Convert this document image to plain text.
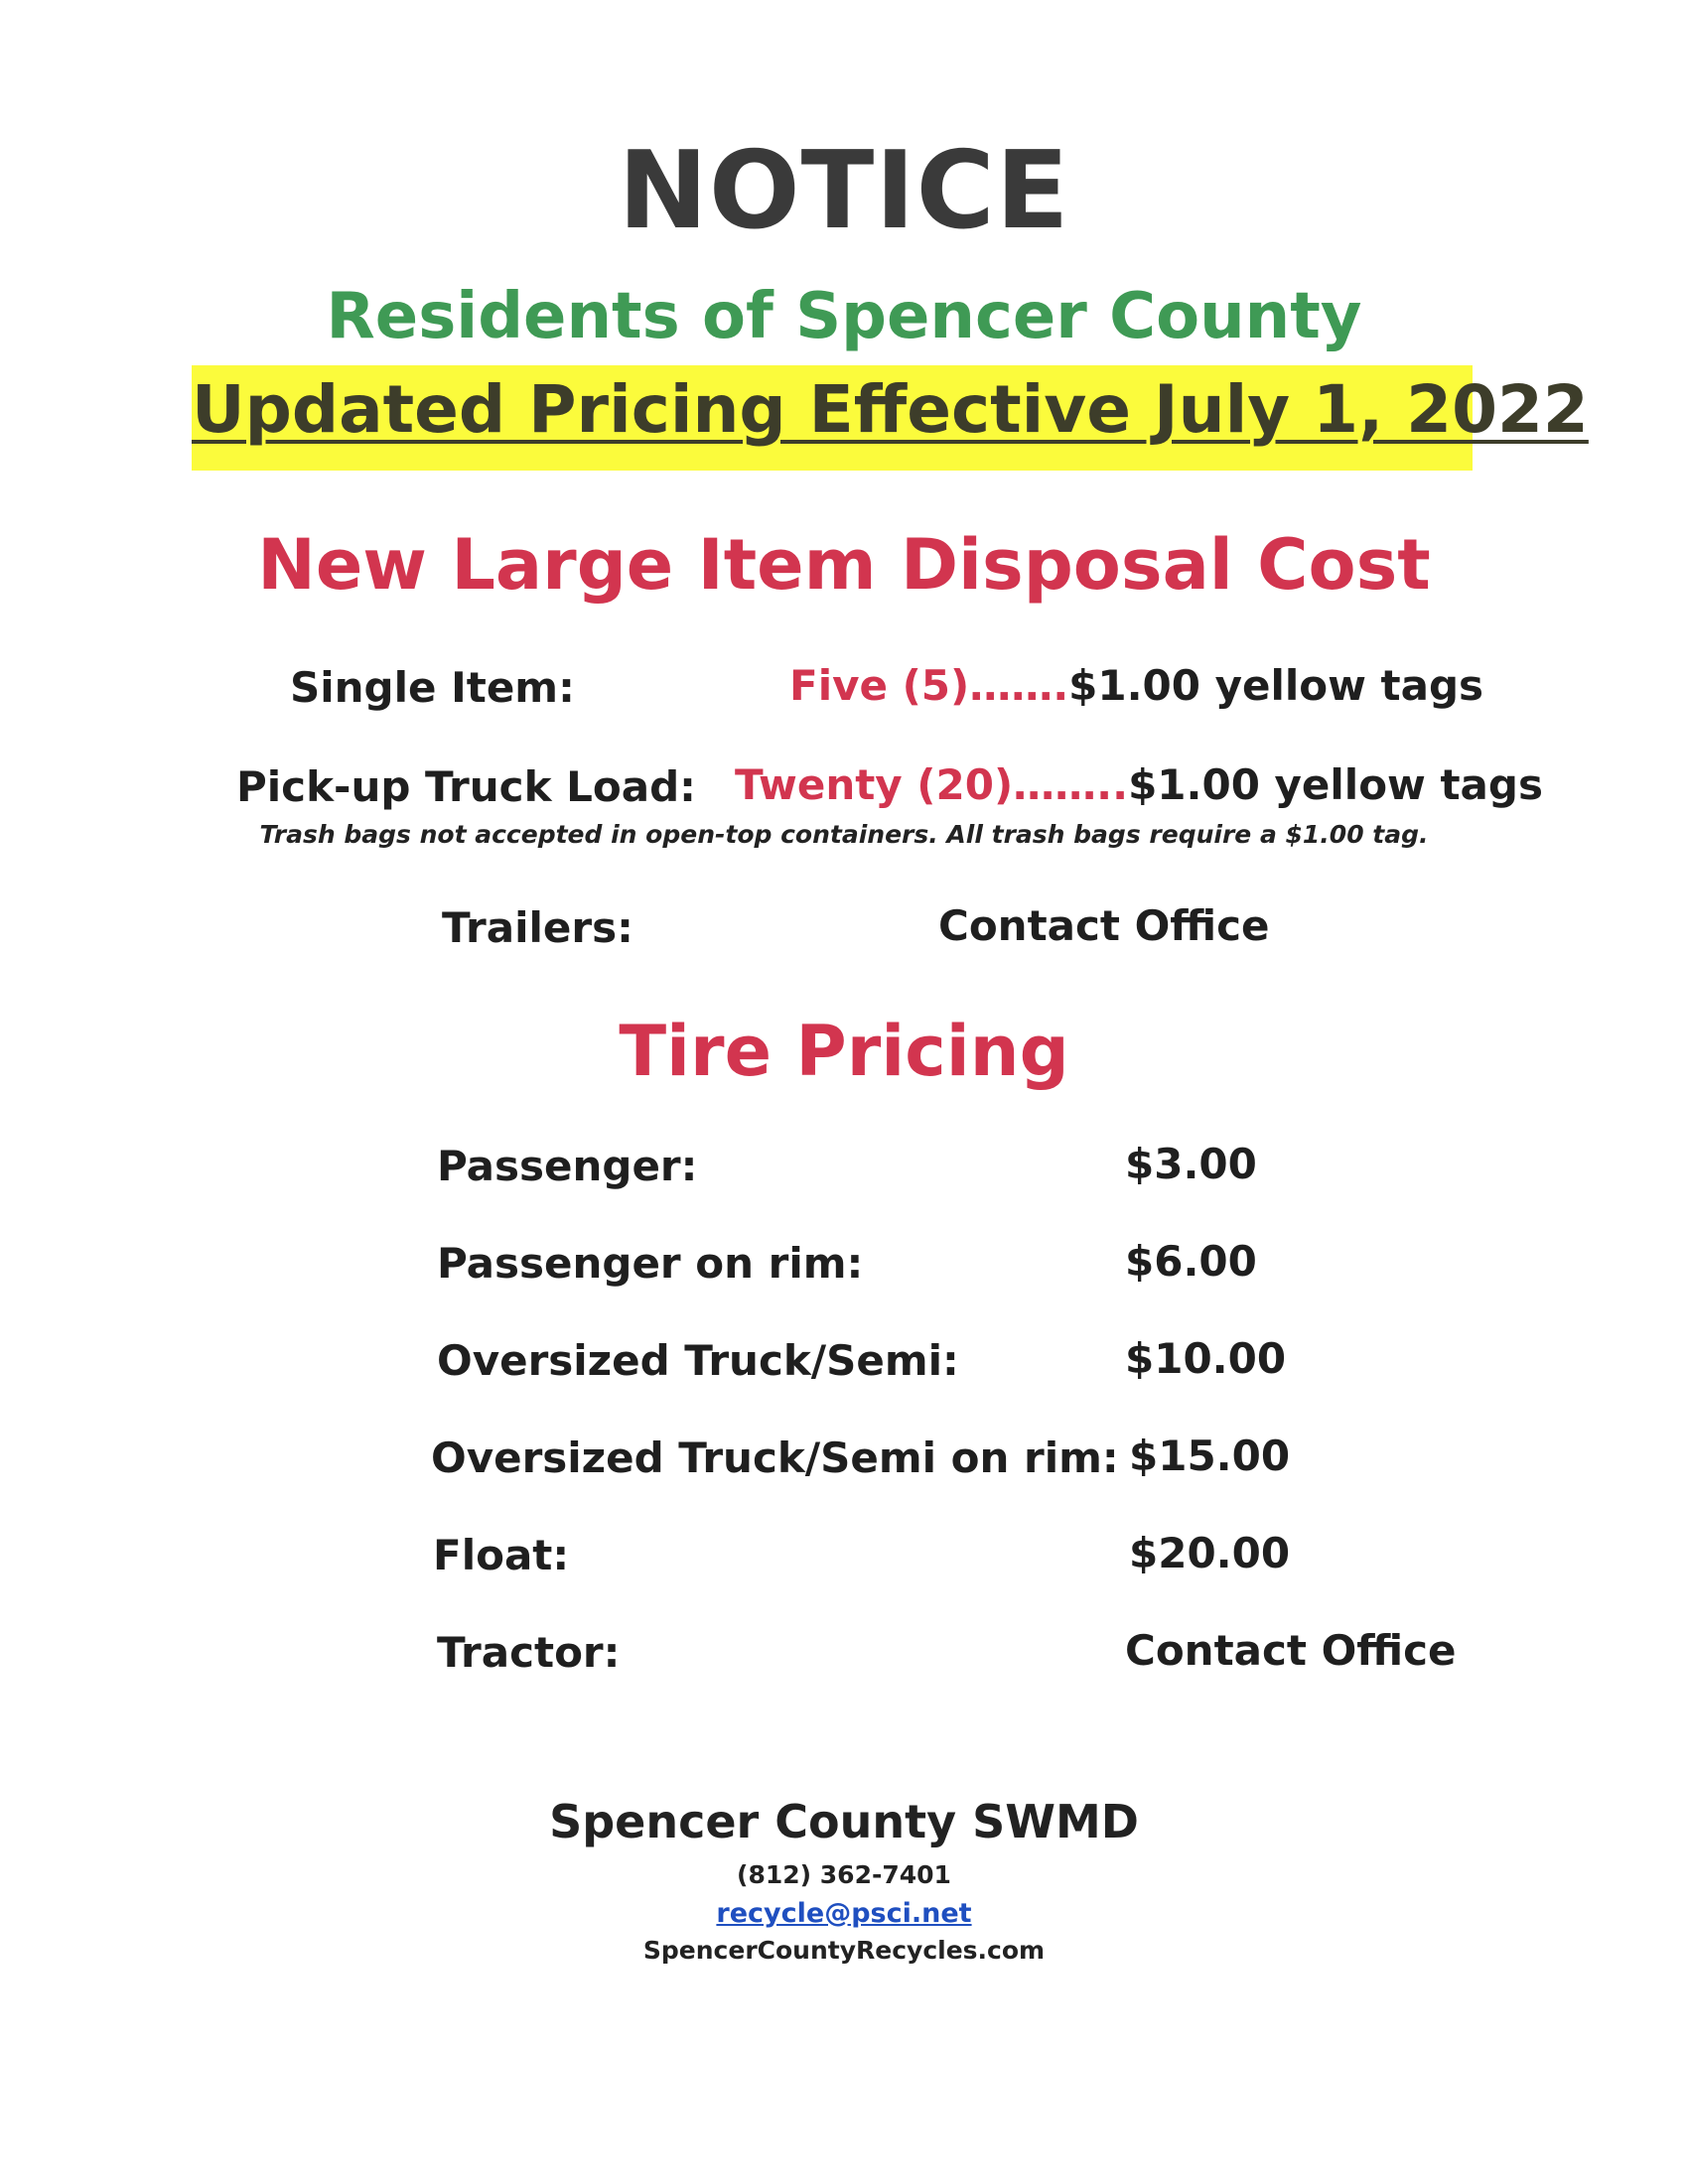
NOTICE
Residents of Spencer County
Updated Pricing Effective July 1, 2022
New Large Item Disposal Cost
Single Item:	Five (5)…….$1.00 yellow tags
Pick-up Truck Load: Twenty (20)……..$1.00 yellow tags
Trash bags not accepted in open-top containers. All trash bags require a $1.00 tag.
Trailers:	Contact Office
Tire Pricing
Passenger:	$3.00
Passenger on rim:	$6.00
Oversized Truck/Semi:	$10.00
Oversized Truck/Semi on rim: $15.00
Float:	$20.00
Tractor:	Contact Office
Spencer County SWMD
(812) 362-7401
recycle@psci.net
SpencerCountyRecycles.com
